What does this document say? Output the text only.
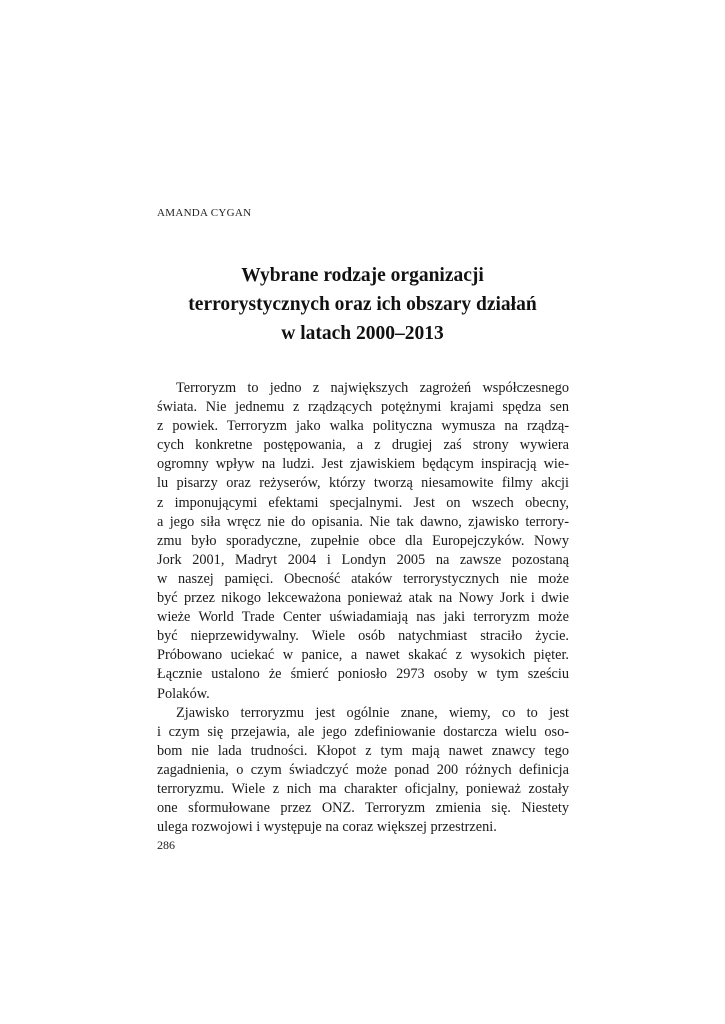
AMANDA CYGAN
Wybrane rodzaje organizacji
terrorystycznych oraz ich obszary działań
w latach 2000–2013
Terroryzm to jedno z największych zagrożeń współczesnego
świata. Nie jednemu z rządzących potężnymi krajami spędza sen
z powiek. Terroryzm jako walka polityczna wymusza na rządzą-
cych konkretne postępowania, a z drugiej zaś strony wywiera
ogromny wpływ na ludzi. Jest zjawiskiem będącym inspiracją wie-
lu pisarzy oraz reżyserów, którzy tworzą niesamowite filmy akcji
z imponującymi efektami specjalnymi. Jest on wszech obecny,
a jego siła wręcz nie do opisania. Nie tak dawno, zjawisko terrory-
zmu było sporadyczne, zupełnie obce dla Europejczyków. Nowy
Jork 2001, Madryt 2004 i Londyn 2005 na zawsze pozostaną
w naszej pamięci. Obecność ataków terrorystycznych nie może
być przez nikogo lekceważona ponieważ atak na Nowy Jork i dwie
wieże World Trade Center uświadamiają nas jaki terroryzm może
być nieprzewidywalny. Wiele osób natychmiast straciło życie.
Próbowano uciekać w panice, a nawet skakać z wysokich pięter.
Łącznie ustalono że śmierć poniosło 2973 osoby w tym sześciu
Polaków.
Zjawisko terroryzmu jest ogólnie znane, wiemy, co to jest
i czym się przejawia, ale jego zdefiniowanie dostarcza wielu oso-
bom nie lada trudności. Kłopot z tym mają nawet znawcy tego
zagadnienia, o czym świadczyć może ponad 200 różnych definicja
terroryzmu. Wiele z nich ma charakter oficjalny, ponieważ zostały
one sformułowane przez ONZ. Terroryzm zmienia się. Niestety
ulega rozwojowi i występuje na coraz większej przestrzeni.
286
